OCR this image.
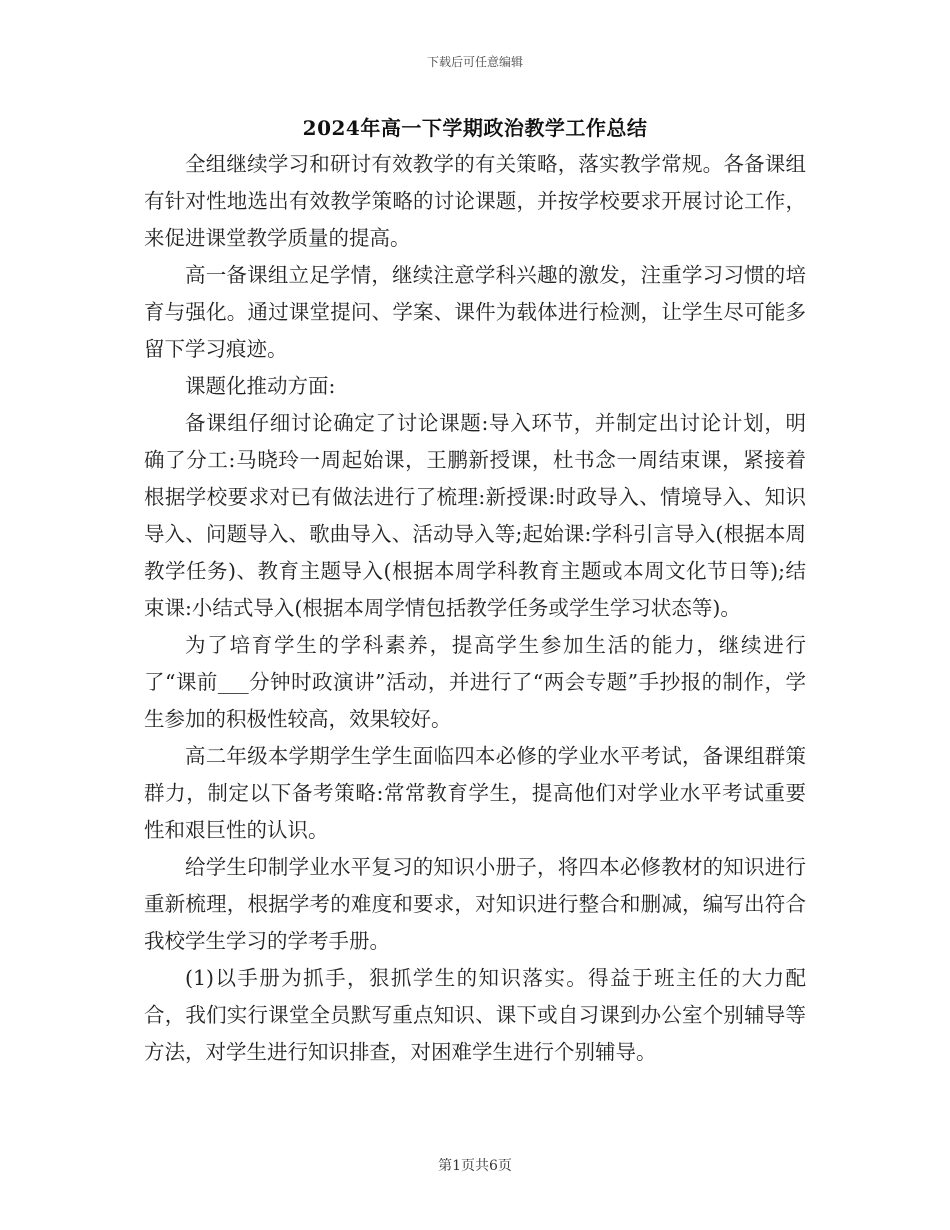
下载后可任意编辑
2024年高一下学期政治教学工作总结

全组继续学习和研讨有效教学的有关策略，落实教学常规。各备课组有针对性地选出有效教学策略的讨论课题，并按学校要求开展讨论工作，来促进课堂教学质量的提高。

高一备课组立足学情，继续注意学科兴趣的激发，注重学习习惯的培育与强化。通过课堂提问、学案、课件为载体进行检测，让学生尽可能多留下学习痕迹。

课题化推动方面:

备课组仔细讨论确定了讨论课题:导入环节，并制定出讨论计划，明确了分工:马晓玲一周起始课，王鹏新授课，杜书念一周结束课，紧接着根据学校要求对已有做法进行了梳理:新授课:时政导入、情境导入、知识导入、问题导入、歌曲导入、活动导入等;起始课:学科引言导入(根据本周教学任务)、教育主题导入(根据本周学科教育主题或本周文化节日等);结束课:小结式导入(根据本周学情包括教学任务或学生学习状态等)。

为了培育学生的学科素养，提高学生参加生活的能力，继续进行了“课前___分钟时政演讲”活动，并进行了“两会专题”手抄报的制作，学生参加的积极性较高，效果较好。

高二年级本学期学生学生面临四本必修的学业水平考试，备课组群策群力，制定以下备考策略:常常教育学生，提高他们对学业水平考试重要性和艰巨性的认识。

给学生印制学业水平复习的知识小册子，将四本必修教材的知识进行重新梳理，根据学考的难度和要求，对知识进行整合和删减，编写出符合我校学生学习的学考手册。

(1)以手册为抓手，狠抓学生的知识落实。得益于班主任的大力配合，我们实行课堂全员默写重点知识、课下或自习课到办公室个别辅导等方法，对学生进行知识排查，对困难学生进行个别辅导。

第1页共6页
